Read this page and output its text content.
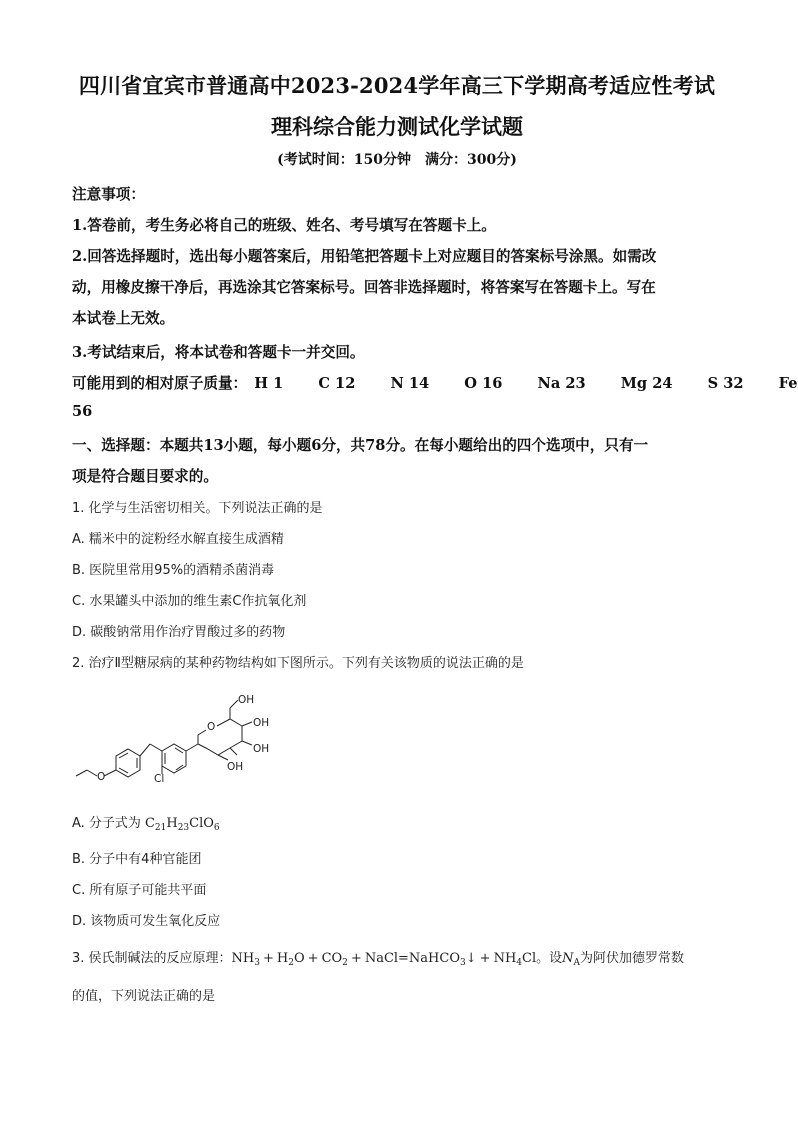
四川省宜宾市普通高中2023-2024学年高三下学期高考适应性考试
理科综合能力测试化学试题
(考试时间：150分钟　满分：300分)
注意事项：
1.答卷前，考生务必将自己的班级、姓名、考号填写在答题卡上。
2.回答选择题时，选出每小题答案后，用铅笔把答题卡上对应题目的答案标号涂黑。如需改
动，用橡皮擦干净后，再选涂其它答案标号。回答非选择题时，将答案写在答题卡上。写在
本试卷上无效。
3.考试结束后，将本试卷和答题卡一并交回。
可能用到的相对原子质量： H 1 C 12 N 14 O 16 Na 23 Mg 24 S 32 Fe
56
一、选择题：本题共13小题，每小题6分，共78分。在每小题给出的四个选项中，只有一
项是符合题目要求的。
1. 化学与生活密切相关。下列说法正确的是
A. 糯米中的淀粉经水解直接生成酒精
B. 医院里常用95%的酒精杀菌消毒
C. 水果罐头中添加的维生素C作抗氧化剂
D. 碳酸钠常用作治疗胃酸过多的药物
2. 治疗Ⅱ型糖尿病的某种药物结构如下图所示。下列有关该物质的说法正确的是
O	Cl
O
OH
OH
OH
OH
A. 分子式为 $C_{21}H_{23}ClO_6$
B. 分子中有4种官能团
C. 所有原子可能共平面
D. 该物质可发生氧化反应
3. 侯氏制碱法的反应原理：$NH_3 + H_2O + CO_2$ + NaCl=NaHCO$_3$↓ + $NH_4Cl$。设$N_A$为阿伏加德罗常数
的值，下列说法正确的是
